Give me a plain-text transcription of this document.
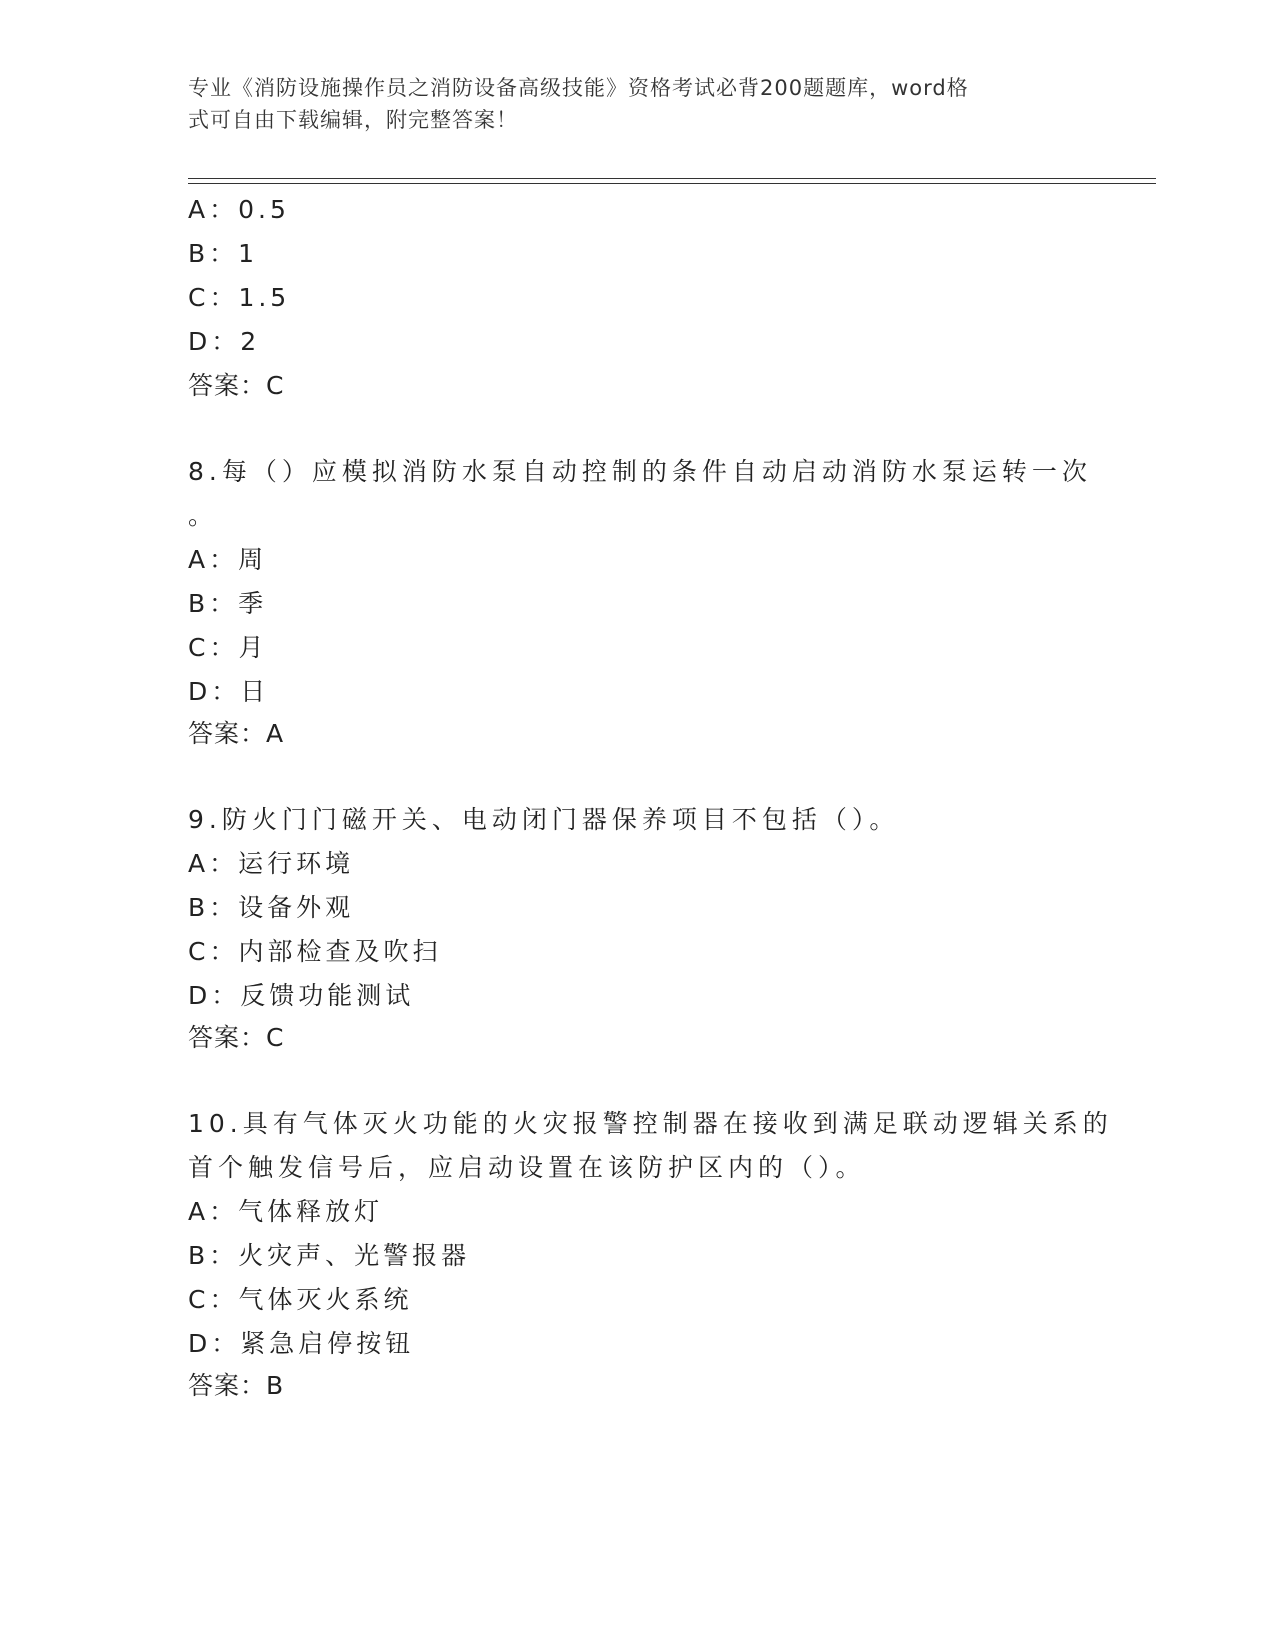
专业《消防设施操作员之消防设备高级技能》资格考试必背200题题库，word格
式可自由下载编辑，附完整答案！
A：0.5
B：1
C：1.5
D：2
答案：C
8.每（）应模拟消防水泵自动控制的条件自动启动消防水泵运转一次
。
A：周
B：季
C：月
D：日
答案：A
9.防火门门磁开关、电动闭门器保养项目不包括（）。
A：运行环境
B：设备外观
C：内部检查及吹扫
D：反馈功能测试
答案：C
10.具有气体灭火功能的火灾报警控制器在接收到满足联动逻辑关系的
首个触发信号后，应启动设置在该防护区内的（）。
A：气体释放灯
B：火灾声、光警报器
C：气体灭火系统
D：紧急启停按钮
答案：B
